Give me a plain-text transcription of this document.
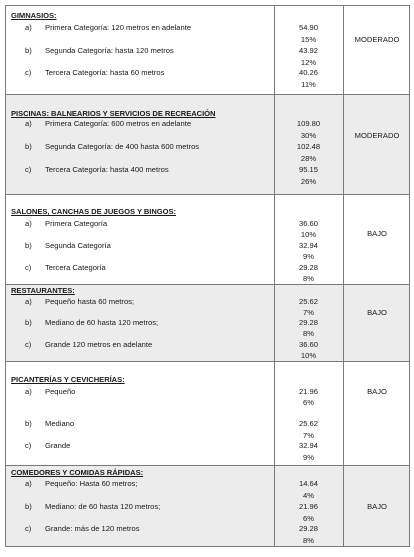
GIMNASIOS:
a) Primera Categoría: 120 metros en adelante	54.90
15%
b) Segunda Categoría: hasta 120 metros	43.92
12%
c) Tercera Categoría: hasta 60 metros	40.26
11%
MODERADO
PISCINAS: BALNEARIOS Y SERVICIOS DE RECREACIÓN
a) Primera Categoría: 600 metros en adelante	109.80
30%
b) Segunda Categoría: de 400 hasta 600 metros	102.48
28%
c) Tercera Categoría: hasta 400 metros	95.15
26%
MODERADO
SALONES, CANCHAS DE JUEGOS Y BINGOS:
a) Primera Categoría	36.60
10%
b) Segunda Categoría	32.94
9%
c) Tercera Categoría	29.28
8%
BAJO
RESTAURANTES:
a) Pequeño hasta 60 metros;	25.62
7%
b) Mediano de 60 hasta 120 metros;	29.28
8%
c) Grande 120 metros en adelante	36.60
10%
BAJO
PICANTERÍAS Y CEVICHERÍAS:
a) Pequeño	21.96
6%
b) Mediano	25.62
7%
c) Grande	32.94
9%
BAJO
COMEDORES Y COMIDAS RÁPIDAS:
a) Pequeño: Hasta 60 metros;	14.64
4%
b) Mediano: de 60 hasta 120 metros;	21.96
6%
c) Grande: más de 120 metros	29.28
8%
BAJO
